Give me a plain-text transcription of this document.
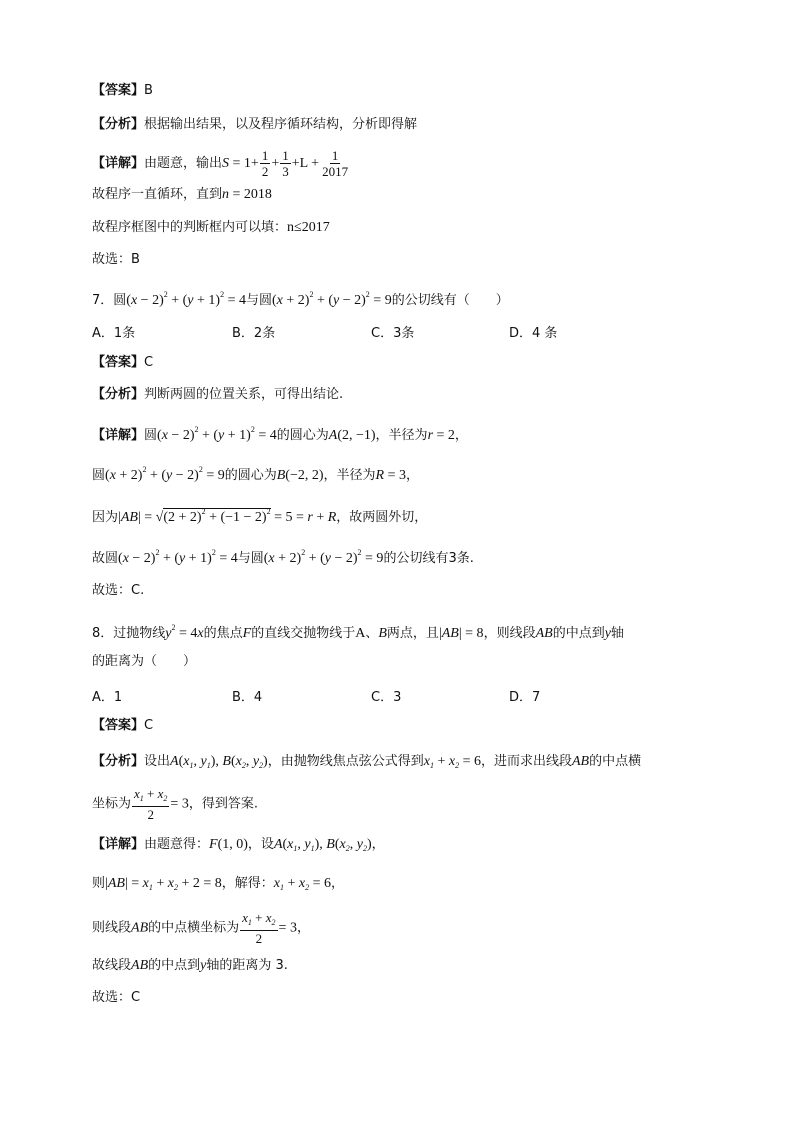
【答案】B
【分析】根据输出结果，以及程序循环结构，分析即得解
【详解】由题意，输出$S = 1+ \frac{1}{2} + \frac{1}{3} +L + \frac{1}{2017}$
故程序一直循环，直到n = 2018
故程序框图中的判断框内可以填：n≤2017
故选：B
7．圆$(x - 2)^2 + (y + 1)^2 = 4$与圆$(x + 2)^2 + (y - 2)^2 = 9$的公切线有（　　）
A．1条	B．2条	C．3条	D．4 条
【答案】C
【分析】判断两圆的位置关系，可得出结论.
【详解】圆$(x - 2)^2 + (y + 1)^2 = 4$的圆心为A(2, −1)，半径为r = 2，
圆$(x + 2)^2 + (y - 2)^2 = 9$的圆心为B(−2, 2)，半径为R = 3，
因为$|AB| = √(2 + 2)^2 + (-1 - 2)^2 = 5 = r + R$，故两圆外切，
故圆$(x - 2)^2 + (y + 1)^2 = 4$与圆$(x + 2)^2 + (y - 2)^2 = 9$的公切线有3条.
故选：C.
8．过抛物线$y^2 = 4x$的焦点F的直线交抛物线于A、B两点，且|AB| = 8，则线段AB的中点到y轴
的距离为（　　）
A．1	B．4	C．3	D．7
【答案】C
【分析】设出$A(x_1$, $y_1$), $B(x_2$, $y_2$)，由抛物线焦点弦公式得到$x_1 + x_2 = 6$，进而求出线段AB的中点横
坐标为 $\frac{x_1 + x_2}{2} = 3$，得到答案.
【详解】由题意得：F(1, 0)，设$A(x_1$, $y_1$), $B(x_2$, $y_2$)，
则$|AB| = x_1 + x_2 + 2 = 8$，解得：$x_1 + x_2 = 6$，
则线段AB的中点横坐标为 $\frac{x_1 + x_2}{2} = 3$，
故线段AB的中点到y轴的距离为 3.
故选：C
